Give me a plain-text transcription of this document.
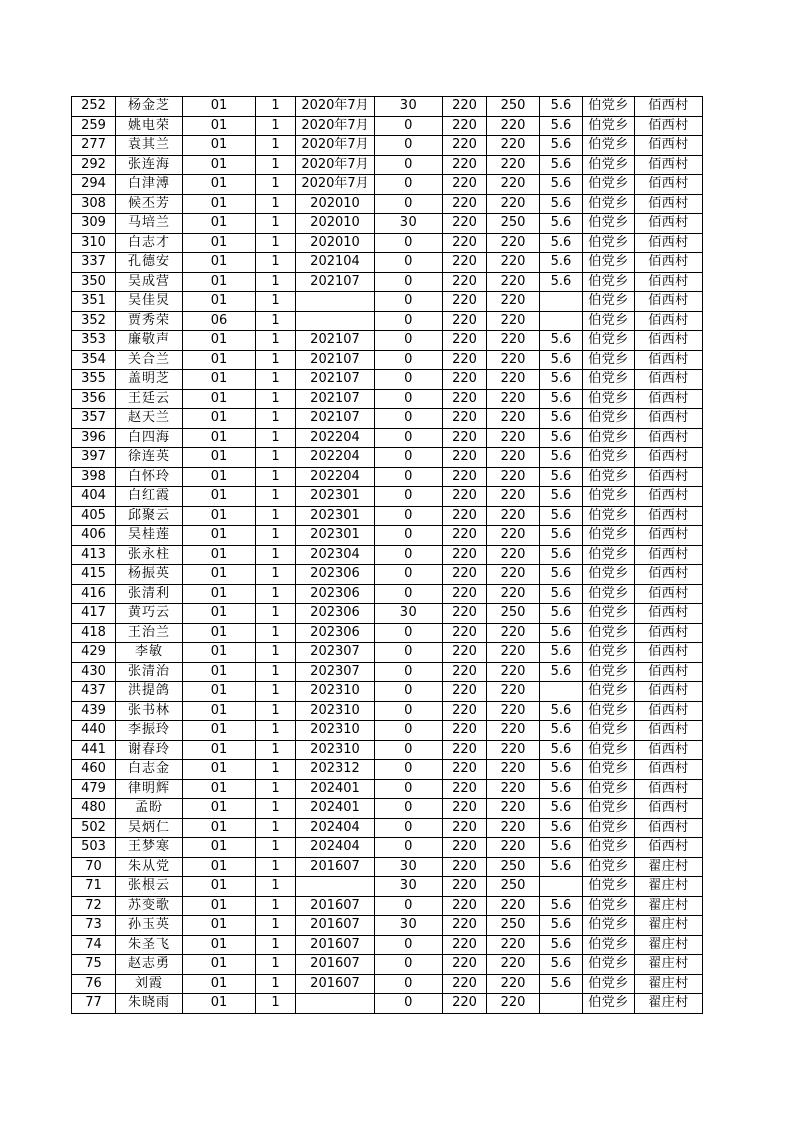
252	杨金芝	01	1	2020年7月	30	220	250	5.6	伯党乡	佰西村
259	姚电荣	01	1	2020年7月	0	220	220	5.6	伯党乡	佰西村
277	袁其兰	01	1	2020年7月	0	220	220	5.6	伯党乡	佰西村
292	张连海	01	1	2020年7月	0	220	220	5.6	伯党乡	佰西村
294	白津溥	01	1	2020年7月	0	220	220	5.6	伯党乡	佰西村
308	候丕芳	01	1	202010	0	220	220	5.6	伯党乡	佰西村
309	马培兰	01	1	202010	30	220	250	5.6	伯党乡	佰西村
310	白志才	01	1	202010	0	220	220	5.6	伯党乡	佰西村
337	孔德安	01	1	202104	0	220	220	5.6	伯党乡	佰西村
350	吴成营	01	1	202107	0	220	220	5.6	伯党乡	佰西村
351	吴佳炅	01	1		0	220	220		伯党乡	佰西村
352	贾秀荣	06	1		0	220	220		伯党乡	佰西村
353	廉敬声	01	1	202107	0	220	220	5.6	伯党乡	佰西村
354	关合兰	01	1	202107	0	220	220	5.6	伯党乡	佰西村
355	盖明芝	01	1	202107	0	220	220	5.6	伯党乡	佰西村
356	王廷云	01	1	202107	0	220	220	5.6	伯党乡	佰西村
357	赵天兰	01	1	202107	0	220	220	5.6	伯党乡	佰西村
396	白四海	01	1	202204	0	220	220	5.6	伯党乡	佰西村
397	徐连英	01	1	202204	0	220	220	5.6	伯党乡	佰西村
398	白怀玲	01	1	202204	0	220	220	5.6	伯党乡	佰西村
404	白红霞	01	1	202301	0	220	220	5.6	伯党乡	佰西村
405	邱聚云	01	1	202301	0	220	220	5.6	伯党乡	佰西村
406	吴桂莲	01	1	202301	0	220	220	5.6	伯党乡	佰西村
413	张永柱	01	1	202304	0	220	220	5.6	伯党乡	佰西村
415	杨振英	01	1	202306	0	220	220	5.6	伯党乡	佰西村
416	张清利	01	1	202306	0	220	220	5.6	伯党乡	佰西村
417	黄巧云	01	1	202306	30	220	250	5.6	伯党乡	佰西村
418	王治兰	01	1	202306	0	220	220	5.6	伯党乡	佰西村
429	李敏	01	1	202307	0	220	220	5.6	伯党乡	佰西村
430	张清治	01	1	202307	0	220	220	5.6	伯党乡	佰西村
437	洪提鸽	01	1	202310	0	220	220		伯党乡	佰西村
439	张书林	01	1	202310	0	220	220	5.6	伯党乡	佰西村
440	李振玲	01	1	202310	0	220	220	5.6	伯党乡	佰西村
441	谢春玲	01	1	202310	0	220	220	5.6	伯党乡	佰西村
460	白志金	01	1	202312	0	220	220	5.6	伯党乡	佰西村
479	律明辉	01	1	202401	0	220	220	5.6	伯党乡	佰西村
480	孟盼	01	1	202401	0	220	220	5.6	伯党乡	佰西村
502	吴炳仁	01	1	202404	0	220	220	5.6	伯党乡	佰西村
503	王梦寒	01	1	202404	0	220	220	5.6	伯党乡	佰西村
70	朱从党	01	1	201607	30	220	250	5.6	伯党乡	翟庄村
71	张根云	01	1		30	220	250		伯党乡	翟庄村
72	苏变歌	01	1	201607	0	220	220	5.6	伯党乡	翟庄村
73	孙玉英	01	1	201607	30	220	250	5.6	伯党乡	翟庄村
74	朱圣飞	01	1	201607	0	220	220	5.6	伯党乡	翟庄村
75	赵志勇	01	1	201607	0	220	220	5.6	伯党乡	翟庄村
76	刘霞	01	1	201607	0	220	220	5.6	伯党乡	翟庄村
77	朱晓雨	01	1		0	220	220		伯党乡	翟庄村
